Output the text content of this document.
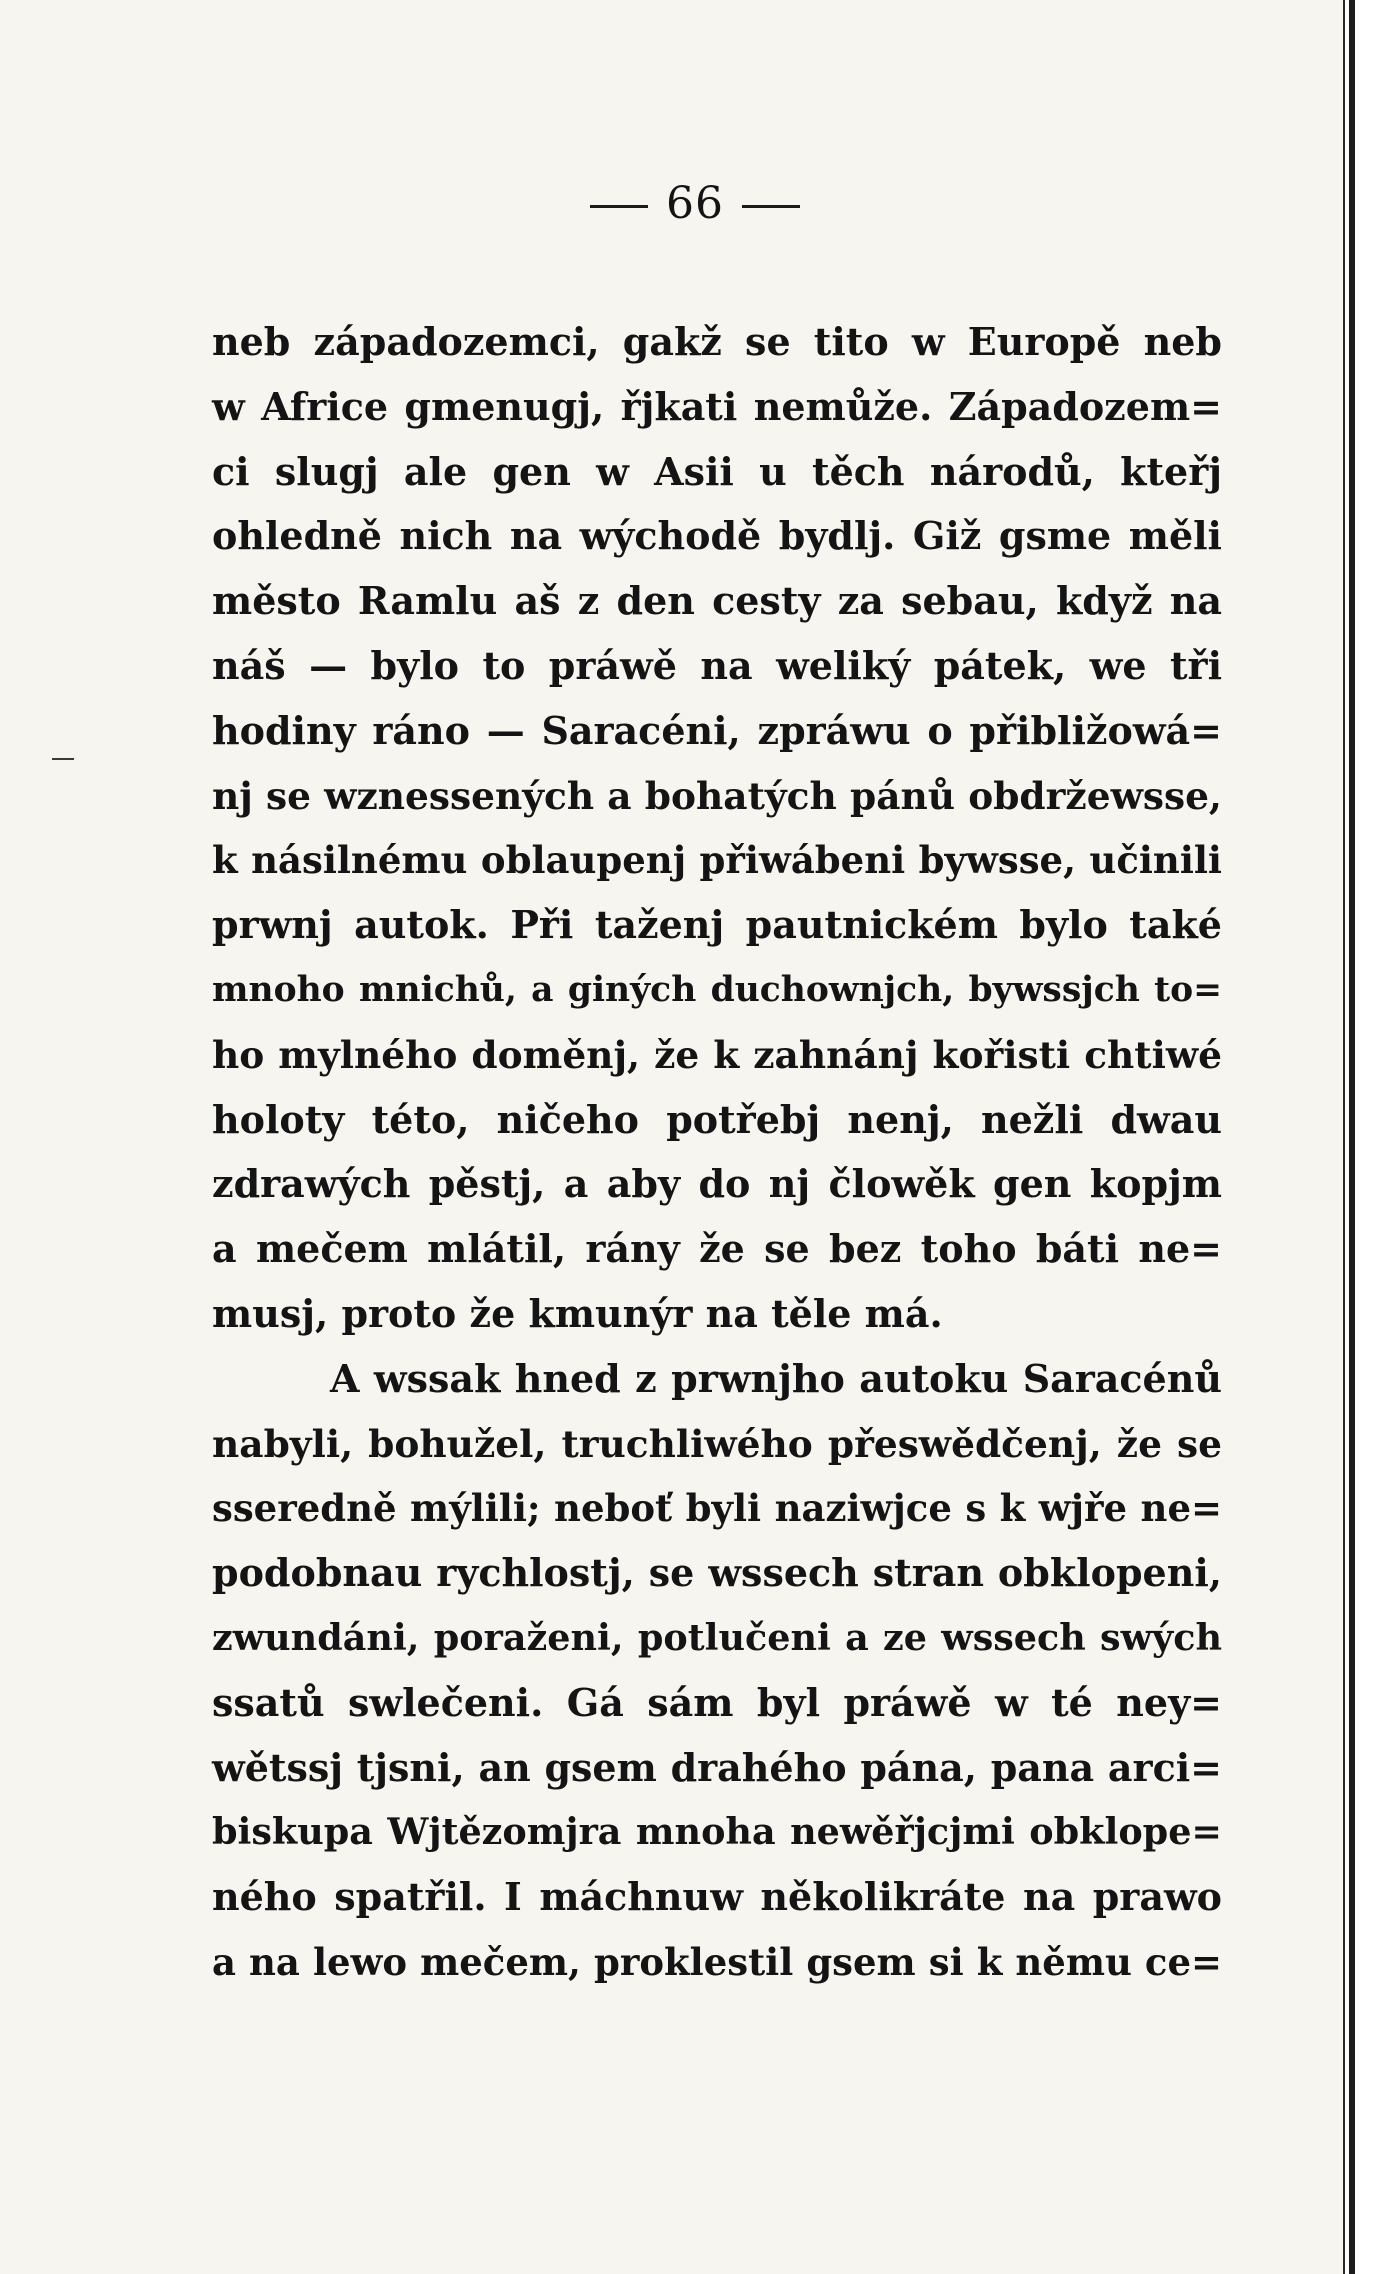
66
neb západozemci, gakž se tito w Europě neb
w Africe gmenugj, řjkati nemůže. Západozem=
ci slugj ale gen w Asii u těch národů, kteřj
ohledně nich na wýchodě bydlj. Giž gsme měli
město Ramlu aš z den cesty za sebau, když na
náš — bylo to práwě na weliký pátek, we tři
hodiny ráno — Saracéni, zpráwu o přibližowá=
nj se wznessených a bohatých pánů obdržewsse,
k násilnému oblaupenj přiwábeni bywsse, učinili
prwnj autok. Při taženj pautnickém bylo také
mnoho mnichů, a giných duchownjch, bywssjch to=
ho mylného doměnj, že k zahnánj kořisti chtiwé
holoty této, ničeho potřebj nenj, nežli dwau
zdrawých pěstj, a aby do nj člowěk gen kopjm
a mečem mlátil, rány že se bez toho báti ne=
musj, proto že kmunýr na těle má.
A wssak hned z prwnjho autoku Saracénů
nabyli, bohužel, truchliwého přeswědčenj, že se
sseredně mýlili; neboť byli naziwjce s k wjře ne=
podobnau rychlostj, se wssech stran obklopeni,
zwundáni, poraženi, potlučeni a ze wssech swých
ssatů swlečeni. Gá sám byl práwě w té ney=
wětssj tjsni, an gsem drahého pána, pana arci=
biskupa Wjtězomjra mnoha newěřjcjmi obklope=
ného spatřil. I máchnuw několikráte na prawo
a na lewo mečem, proklestil gsem si k němu ce=
